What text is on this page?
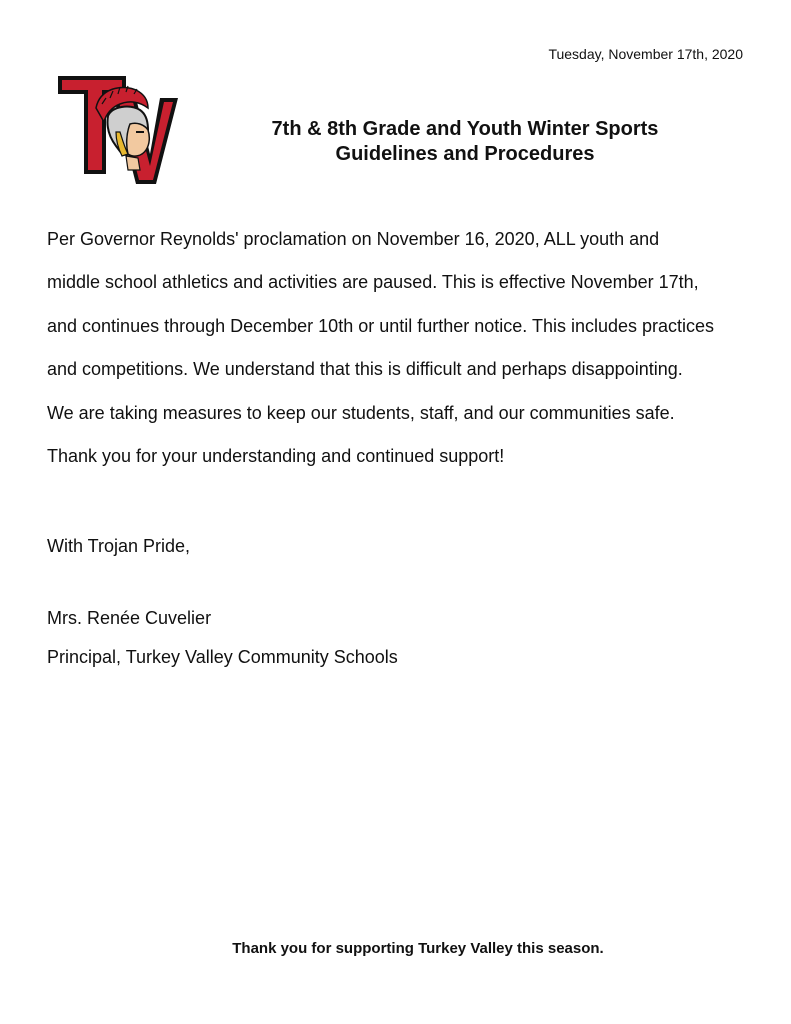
Tuesday, November 17th, 2020
7th & 8th Grade and Youth Winter Sports
Guidelines and Procedures
Per Governor Reynolds' proclamation on November 16, 2020, ALL youth and
middle school athletics and activities are paused. This is effective November 17th,
and continues through December 10th or until further notice. This includes practices
and competitions. We understand that this is difficult and perhaps disappointing.
We are taking measures to keep our students, staff, and our communities safe.
Thank you for your understanding and continued support!
With Trojan Pride,
Mrs. Renée Cuvelier
Principal, Turkey Valley Community Schools
Thank you for supporting Turkey Valley this season.
